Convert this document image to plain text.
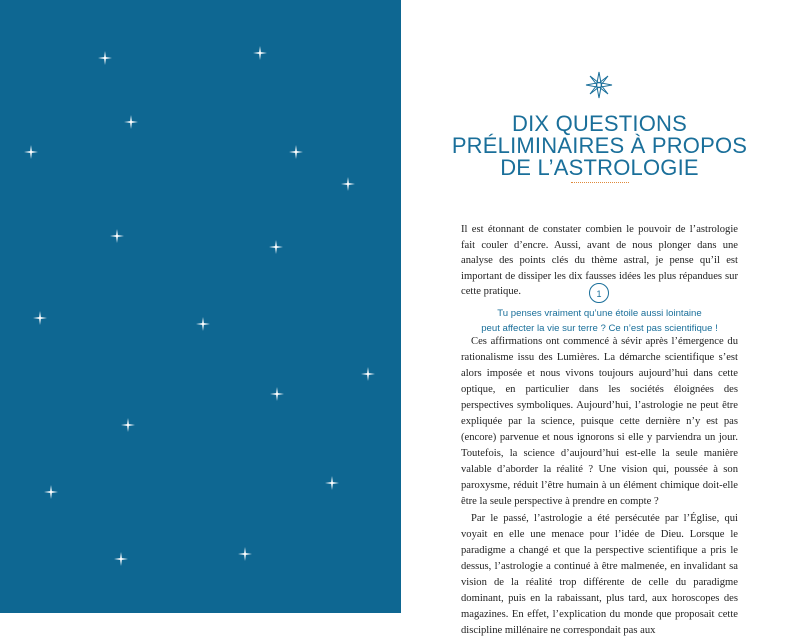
DIX QUESTIONS
PRÉLIMINAIRES À PROPOS
DE L’ASTROLOGIE

Il est étonnant de constater combien le pouvoir de l’astrologie fait couler d’encre. Aussi, avant de nous plonger dans une analyse des points clés du thème astral, je pense qu’il est important de dissiper les dix fausses idées les plus répandues sur cette pratique.	1
Tu penses vraiment qu’une étoile aussi lointaine
peut affecter la vie sur terre ? Ce n’est pas scientifique !

Ces affirmations ont commencé à sévir après l’émergence du rationalisme issu des Lumières. La démarche scientifique s’est alors imposée et nous vivons toujours aujourd’hui dans cette optique, en particulier dans les sociétés éloignées des perspectives symboliques. Aujourd’hui, l’astrologie ne peut être expliquée par la science, puisque cette dernière n’y est pas (encore) parvenue et nous ignorons si elle y parviendra un jour. Toutefois, la science d’aujourd’hui est-elle la seule manière valable d’aborder la réalité ? Une vision qui, poussée à son paroxysme, réduit l’être humain à un élément chimique doit-elle être la seule perspective à prendre en compte ?

Par le passé, l’astrologie a été persécutée par l’Église, qui voyait en elle une menace pour l’idée de Dieu. Lorsque le paradigme a changé et que la perspective scientifique a pris le dessus, l’astrologie a continué à être malmenée, en invalidant sa vision de la réalité trop différente de celle du paradigme dominant, puis en la rabaissant, plus tard, aux horoscopes des magazines. En effet, l’explication du monde que proposait cette discipline millénaire ne correspondait pas aux
